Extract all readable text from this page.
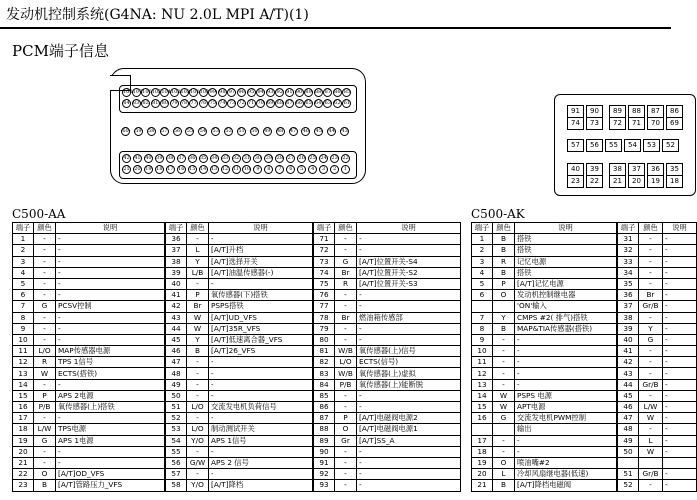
发动机控制系统(G4NA: NU 2.0L MPI A/T)(1)
PCM端子信息
108 107 106 105 104 103 102 101 100 99 98 97 96 95 94 93 92 91 90 89 88 87 86 85
84 83 82 81 80 79 78 77 76 75 74 73 72 71 70 69 68 67 66 65 64 63 62 61
60 59 58 57 56 55 54 53 52 51 50 49 48 47 46 45 44 43
42 41 40 39 38 37 36 35 34 33 32 31 30 29 28 27 26 25 24 23 22
21 20 19 18 17 16 15 14 13 12 11 10	9	8	7	6	5	4	3	2	1
91	90	89	88	87	86
74	73	72	71	70	69
57	56	55	54	53	52
40	39	38	37	36	35
23	22	21	20	19	18
C500-AA	C500-AK
端子	颜色	说明
1	-	-
2	-	-
3	-	-
4	-	-
5	-	-
6	-	-
7	G	PCSV控制
8	-	-
9	-	-
10	-	-
11	L/O	MAP传感器电源
12	R	TPS 1信号
13	W	ECTS(搭铁)
14	-	-
15	P	APS 2电源
16	P/B	氧传感器(上)搭铁
17	-	-
18	L/W	TPS电源
19	G	APS 1电源
20	-	-
21	-	-
22	O	[A/T]OD_VFS
23	B	[A/T]管路压力_VFS
端子	颜色	说明
36	-	-
37	L	[A/T]升档
38	Y	[A/T]选择开关
39	L/B	[A/T]油温传感器(-)
40	-	-
41	P	氧传感器(下)搭铁
42	Br	PSPS搭铁
43	W	[A/T]UD_VFS
44	W	[A/T]35R_VFS
45	Y	[A/T]低速离合器_VFS
46	B	[A/T]26_VFS
47	-	-
48	-	-
49	-	-
50	-	-
51	L/O	交流发电机负荷信号
52	-	-
53	L/O	制动测试开关
54	Y/O	APS 1信号
55	-	-
56	G/W	APS 2 信号
57	-	-
58	Y/O	[A/T]降档
端子	颜色	说明
71	-	-
72	-	-
73	G	[A/T]位置开关-S4
74	Br	[A/T]位置开关-S2
75	R	[A/T]位置开关-S3
76	-	-
77	-	-
78	Br	燃油箱传感部
79	-	-
80	-	-
81	W/B	氧传感器(上)信号
82	L/O	ECTS(信号)
83	W/B	氧传感器(上)虚拟
84	P/B	氧传感器(上)能断脱
85	-	-
86	-	-
87	P	[A/T]电磁阀电源2
88	O	[A/T]电磁阀电源1
89	Gr	[A/T]SS_A
90	-	-
91	-	-
92	-	-
93	-	-
端子	颜色	说明
1	B	搭铁
2	B	搭铁
3	R	记忆电源
4	B	搭铁
5	P	[A/T]记忆电源
6	O	发动机控制继电器
		'ON'输入
7	Y	CMPS #2( 排气)搭铁
8	B	MAP&TIA传感器(搭铁)
9	-	-
10	-	-
11	-	-
12	-	-
13	-	-
14	W	PSPS 电源
15	W	APT电源
16	G	交流发电机PWM控制
		输出
17	-	-
18	-	-
19	O	喷油嘴#2
20	L	冷却风扇继电器(低速)
21	B	[A/T]降档电磁阀
端子	颜色	说明
31	-	-
32	-	-
33	-	-
34	-	-
35	-	-
36	Br	-
37	Gr/B	-
38	-	-
39	Y	-
40	G	-
41	-	-
42	-	-
43	-	-
44	Gr/B	-
45	-	-
46	L/W	-
47	W	-
48	-	-
49	L	-
50	W	-

51	Gr/B	-
52	-	-
